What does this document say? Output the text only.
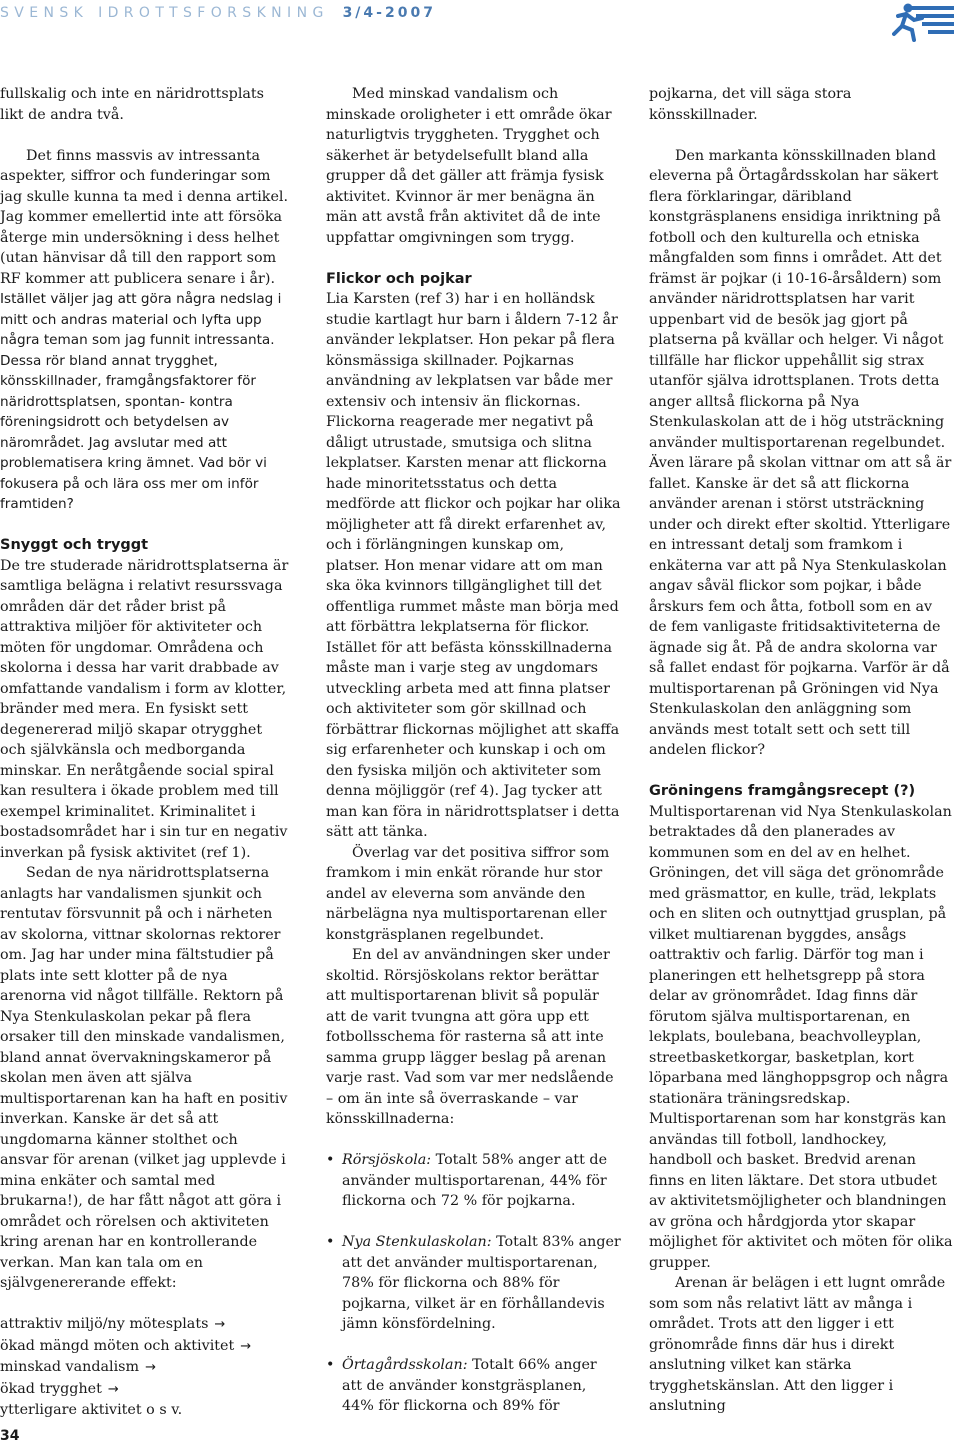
SVENSK IDROTTSFORSKNING 3/4-2007

fullskalig och inte en näridrottsplats likt de andra två.

Det finns massvis av intressanta aspekter, siffror och funderingar som jag skulle kunna ta med i denna artikel. Jag kommer emellertid inte att försöka återge min undersökning i dess helhet (utan hänvisar då till den rapport som RF kommer att publicera senare i år). Istället väljer jag att göra några nedslag i mitt och andras material och lyfta upp några teman som jag funnit intressanta. Dessa rör bland annat trygghet, könsskillnader, framgångsfaktorer för näridrottsplatsen, spontan- kontra föreningsidrott och betydelsen av närområdet. Jag avslutar med att problematisera kring ämnet. Vad bör vi fokusera på och lära oss mer om inför framtiden?

Snyggt och tryggt

De tre studerade näridrottsplatserna är samtliga belägna i relativt resurssvaga områden där det råder brist på attraktiva miljöer för aktiviteter och möten för ungdomar. Områdena och skolorna i dessa har varit drabbade av omfattande vandalism i form av klotter, bränder med mera. En fysiskt sett degenererad miljö skapar otrygghet och självkänsla och medborganda minskar. En neråtgående social spiral kan resultera i ökade problem med till exempel kriminalitet. Kriminalitet i bostadsområdet har i sin tur en negativ inverkan på fysisk aktivitet (ref 1).

Sedan de nya näridrottsplatserna anlagts har vandalismen sjunkit och rentutav försvunnit på och i närheten av skolorna, vittnar skolornas rektorer om. Jag har under mina fältstudier på plats inte sett klotter på de nya arenorna vid något tillfälle. Rektorn på Nya Stenkulaskolan pekar på flera orsaker till den minskade vandalismen, bland annat övervakningskameror på skolan men även att själva multisportarenan kan ha haft en positiv inverkan. Kanske är det så att ungdomarna känner stolthet och ansvar för arenan (vilket jag upplevde i mina enkäter och samtal med brukarna!), de har fått något att göra i området och rörelsen och aktiviteten kring arenan har en kontrollerande verkan. Man kan tala om en självgenererande effekt:

attraktiv miljö/ny mötesplats →
ökad mängd möten och aktivitet →
minskad vandalism →
ökad trygghet →
ytterligare aktivitet o s v.

Med minskad vandalism och minskade oroligheter i ett område ökar naturligtvis tryggheten. Trygghet och säkerhet är betydelsefullt bland alla grupper då det gäller att främja fysisk aktivitet. Kvinnor är mer benägna än män att avstå från aktivitet då de inte uppfattar omgivningen som trygg.

Flickor och pojkar

Lia Karsten (ref 3) har i en holländsk studie kartlagt hur barn i åldern 7-12 år använder lekplatser. Hon pekar på flera könsmässiga skillnader. Pojkarnas användning av lekplatsen var både mer extensiv och intensiv än flickornas. Flickorna reagerade mer negativt på dåligt utrustade, smutsiga och slitna lekplatser. Karsten menar att flickorna hade minoritetsstatus och detta medförde att flickor och pojkar har olika möjligheter att få direkt erfarenhet av, och i förlängningen kunskap om, platser. Hon menar vidare att om man ska öka kvinnors tillgänglighet till det offentliga rummet måste man börja med att förbättra lekplatserna för flickor. Istället för att befästa könsskillnaderna måste man i varje steg av ungdomars utveckling arbeta med att finna platser och aktiviteter som gör skillnad och förbättrar flickornas möjlighet att skaffa sig erfarenheter och kunskap i och om den fysiska miljön och aktiviteter som denna möjliggör (ref 4). Jag tycker att man kan föra in näridrottsplatser i detta sätt att tänka.

Överlag var det positiva siffror som framkom i min enkät rörande hur stor andel av eleverna som använde den närbelägna nya multisportarenan eller konstgräsplanen regelbundet.

En del av användningen sker under skoltid. Rörsjöskolans rektor berättar att multisportarenan blivit så populär att de varit tvungna att göra upp ett fotbollsschema för rasterna så att inte samma grupp lägger beslag på arenan varje rast. Vad som var mer nedslående – om än inte så överraskande – var könsskillnaderna:

• Rörsjöskola: Totalt 58% anger att de använder multisportarenan, 44% för flickorna och 72 % för pojkarna.
• Nya Stenkulaskolan: Totalt 83% anger att det använder multisportarenan, 78% för flickorna och 88% för pojkarna, vilket är en förhållandevis jämn könsfördelning.
• Örtagårdsskolan: Totalt 66% anger att de använder konstgräsplanen, 44% för flickorna och 89% för

pojkarna, det vill säga stora könsskillnader.

Den markanta könsskillnaden bland eleverna på Örtagårdsskolan har säkert flera förklaringar, däribland konstgräsplanens ensidiga inriktning på fotboll och den kulturella och etniska mångfalden som finns i området. Att det främst är pojkar (i 10-16-årsåldern) som använder näridrottsplatsen har varit uppenbart vid de besök jag gjort på platserna på kvällar och helger. Vi något tillfälle har flickor uppehållit sig strax utanför själva idrottsplanen. Trots detta anger alltså flickorna på Nya Stenkulaskolan att de i hög utsträckning använder multisportarenan regelbundet. Även lärare på skolan vittnar om att så är fallet. Kanske är det så att flickorna använder arenan i störst utsträckning under och direkt efter skoltid. Ytterligare en intressant detalj som framkom i enkäterna var att på Nya Stenkulaskolan angav såväl flickor som pojkar, i både årskurs fem och åtta, fotboll som en av de fem vanligaste fritidsaktiviteterna de ägnade sig åt. På de andra skolorna var så fallet endast för pojkarna. Varför är då multisportarenan på Gröningen vid Nya Stenkulaskolan den anläggning som används mest totalt sett och sett till andelen flickor?

Gröningens framgångsrecept (?)

Multisportarenan vid Nya Stenkulaskolan betraktades då den planerades av kommunen som en del av en helhet. Gröningen, det vill säga det grönområde med gräsmattor, en kulle, träd, lekplats och en sliten och outnyttjad grusplan, på vilket multiarenan byggdes, ansågs oattraktiv och farlig. Därför tog man i planeringen ett helhetsgrepp på stora delar av grönområdet. Idag finns där förutom själva multisportarenan, en lekplats, boulebana, beachvolleyplan, streetbasketkorgar, basketplan, kort löparbana med länghoppsgrop och några stationära träningsredskap. Multisportarenan som har konstgräs kan användas till fotboll, landhockey, handboll och basket. Bredvid arenan finns en liten läktare. Det stora utbudet av aktivitetsmöjligheter och blandningen av gröna och hårdgjorda ytor skapar möjlighet för aktivitet och möten för olika grupper.

Arenan är belägen i ett lugnt område som som nås relativt lätt av många i området. Trots att den ligger i ett grönområde finns där hus i direkt anslutning vilket kan stärka trygghetskänslan. Att den ligger i anslutning

34
